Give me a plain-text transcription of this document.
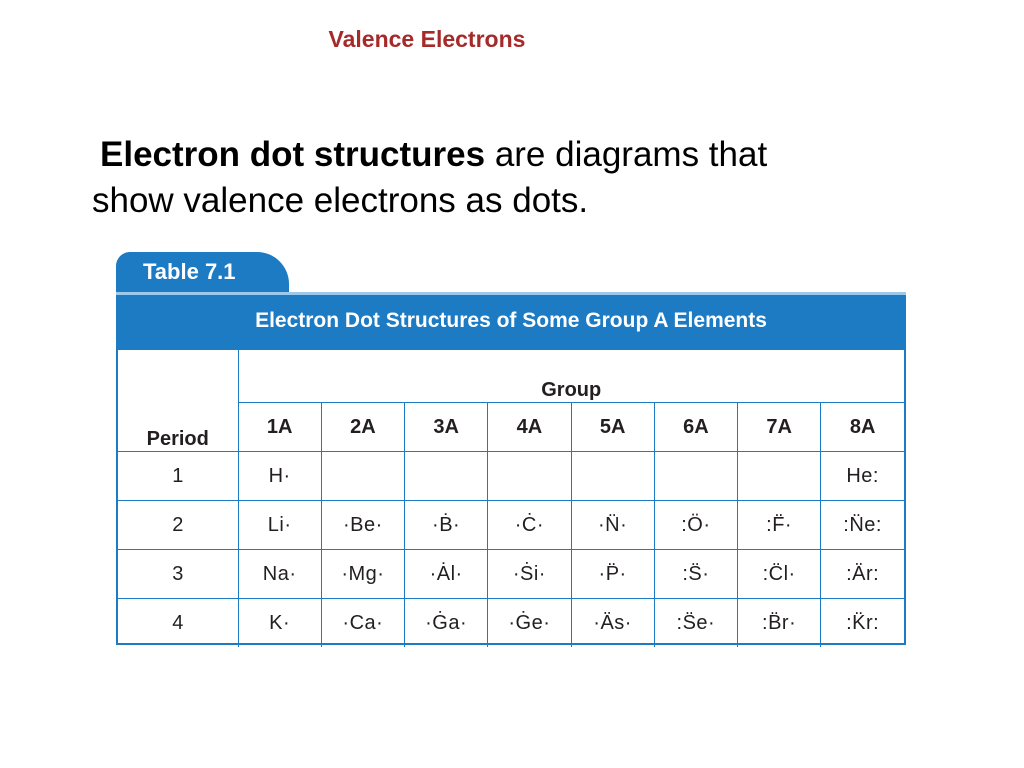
Valence Electrons
Electron dot structures are diagrams that
show valence electrons as dots.
Table 7.1
Electron Dot Structures of Some Group A Elements
Period	Group							
	1A	2A	3A	4A	5A	6A	7A	8A
1	H·							He:
2	Li·	·Be·	·Ḃ·	·Ċ·	·N̈·	:Ö·	:F̈·	:N̈e:
3	Na·	·Mg·	·Ȧl·	·Ṡi·	·P̈·	:S̈·	:C̈l·	:Är:
4	K·	·Ca·	·Ġa·	·Ġe·	·Äs·	:S̈e·	:B̈r·	:K̈r:
